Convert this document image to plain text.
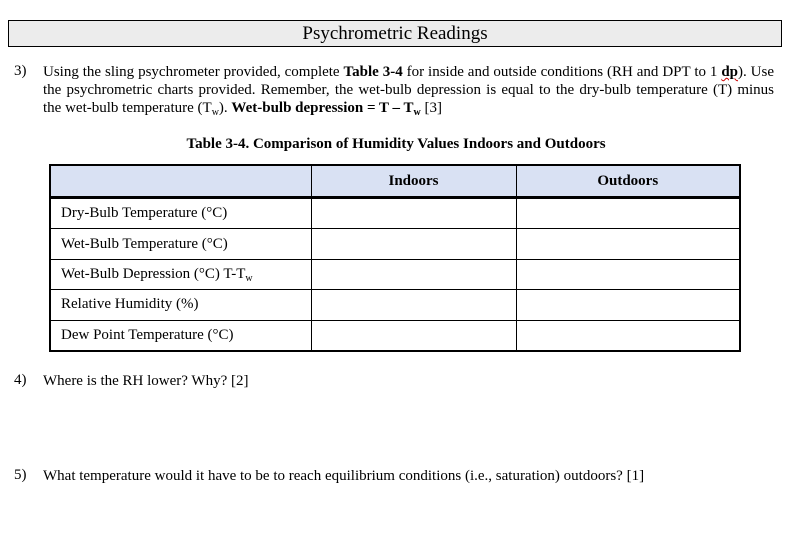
Psychrometric Readings
3) Using the sling psychrometer provided, complete Table 3-4 for inside and outside conditions (RH and DPT to 1 dp). Use the psychrometric charts provided. Remember, the wet-bulb depression is equal to the dry-bulb temperature (T) minus the wet-bulb temperature $(T_w)$. Wet-bulb depression = T – $T_w$ [3]
Table 3-4. Comparison of Humidity Values Indoors and Outdoors
	Indoors	Outdoors
Dry-Bulb Temperature (°C)		
Wet-Bulb Temperature (°C)		
Wet-Bulb Depression (°C) $T-T_w$		
Relative Humidity (%)		
Dew Point Temperature (°C)		
4) Where is the RH lower? Why? [2]
5) What temperature would it have to be to reach equilibrium conditions (i.e., saturation) outdoors? [1]
